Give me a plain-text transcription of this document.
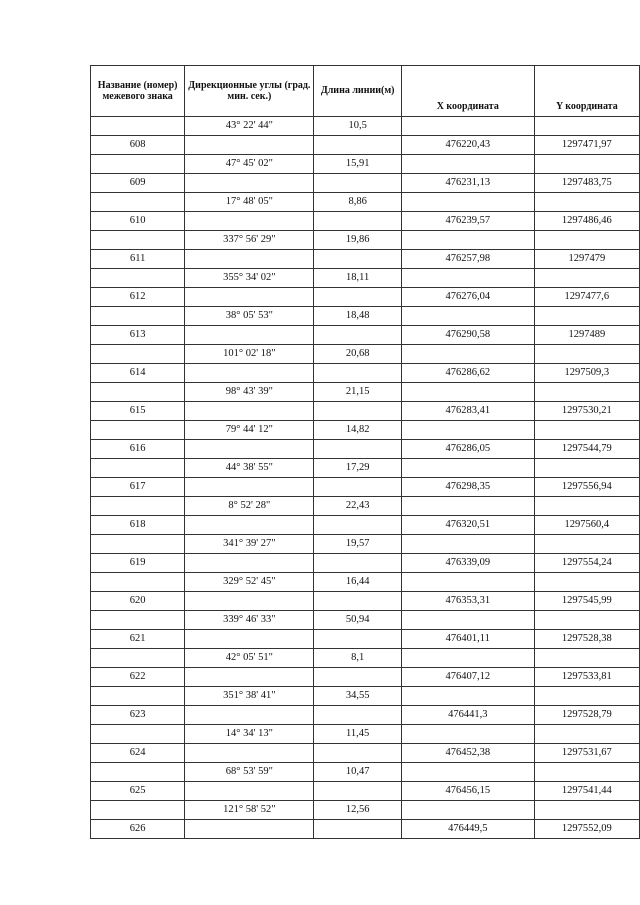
Название (номер) межевого знака	Дирекционные углы (град. мин. сек.)	Длина линии(м)	X координата	Y координата
	43° 22' 44"	10,5		
608			476220,43	1297471,97
	47° 45' 02"	15,91		
609			476231,13	1297483,75
	17° 48' 05"	8,86		
610			476239,57	1297486,46
	337° 56' 29"	19,86		
611			476257,98	1297479
	355° 34' 02"	18,11		
612			476276,04	1297477,6
	38° 05' 53"	18,48		
613			476290,58	1297489
	101° 02' 18"	20,68		
614			476286,62	1297509,3
	98° 43' 39"	21,15		
615			476283,41	1297530,21
	79° 44' 12"	14,82		
616			476286,05	1297544,79
	44° 38' 55"	17,29		
617			476298,35	1297556,94
	8° 52' 28"	22,43		
618			476320,51	1297560,4
	341° 39' 27"	19,57		
619			476339,09	1297554,24
	329° 52' 45"	16,44		
620			476353,31	1297545,99
	339° 46' 33"	50,94		
621			476401,11	1297528,38
	42° 05' 51"	8,1		
622			476407,12	1297533,81
	351° 38' 41"	34,55		
623			476441,3	1297528,79
	14° 34' 13"	11,45		
624			476452,38	1297531,67
	68° 53' 59"	10,47		
625			476456,15	1297541,44
	121° 58' 52"	12,56		
626			476449,5	1297552,09
